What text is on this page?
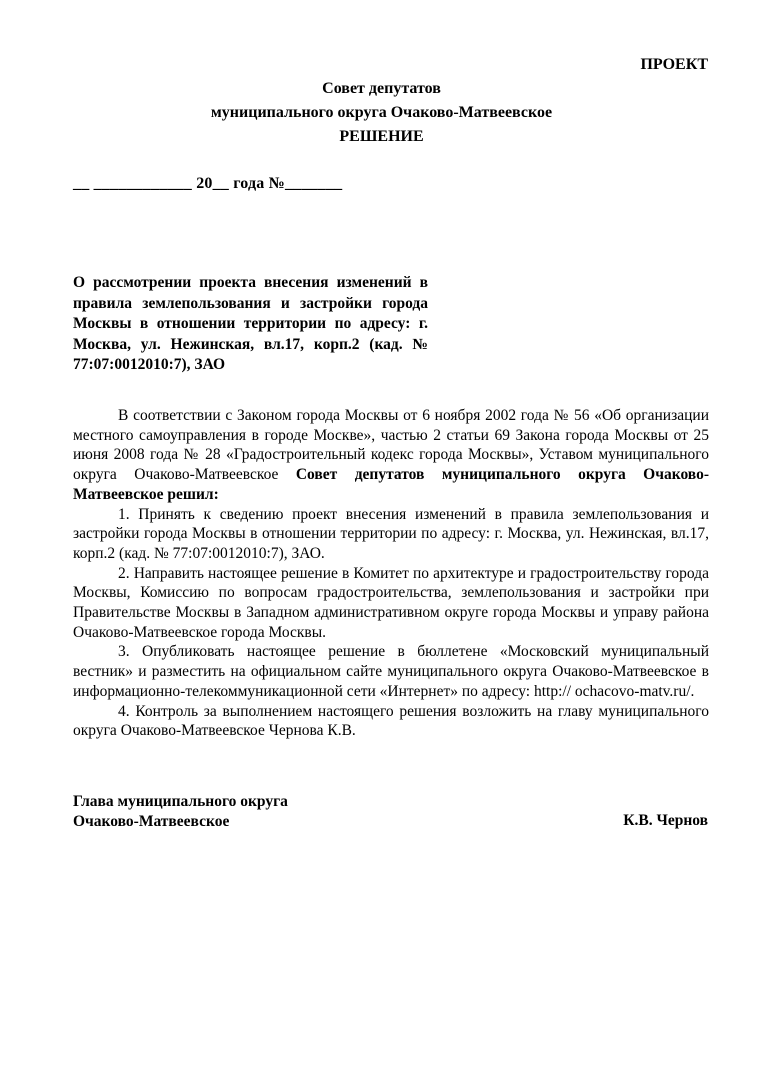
ПРОЕКТ
Совет депутатов
муниципального округа Очаково-Матвеевское
РЕШЕНИЕ
__ ____________ 20__ года №_______
О рассмотрении проекта внесения изменений в правила землепользования и застройки города Москвы в отношении территории по адресу: г. Москва, ул. Нежинская, вл.17, корп.2 (кад. № 77:07:0012010:7), ЗАО

В соответствии с Законом города Москвы от 6 ноября 2002 года № 56 «Об организации местного самоуправления в городе Москве», частью 2 статьи 69 Закона города Москвы от 25 июня 2008 года № 28 «Градостроительный кодекс города Москвы», Уставом муниципального округа Очаково-Матвеевское Совет депутатов муниципального округа Очаково-Матвеевское решил:

1. Принять к сведению проект внесения изменений в правила землепользования и застройки города Москвы в отношении территории по адресу: г. Москва, ул. Нежинская, вл.17, корп.2 (кад. № 77:07:0012010:7), ЗАО.

2. Направить настоящее решение в Комитет по архитектуре и градостроительству города Москвы, Комиссию по вопросам градостроительства, землепользования и застройки при Правительстве Москвы в Западном административном округе города Москвы и управу района Очаково-Матвеевское города Москвы.

3. Опубликовать настоящее решение в бюллетене «Московский муниципальный вестник» и разместить на официальном сайте муниципального округа Очаково-Матвеевское в информационно-телекоммуникационной сети «Интернет» по адресу: http:// ochacovo-matv.ru/.

4. Контроль за выполнением настоящего решения возложить на главу муниципального округа Очаково-Матвеевское Чернова К.В.

Глава муниципального округа
Очаково-Матвеевское	К.В. Чернов
